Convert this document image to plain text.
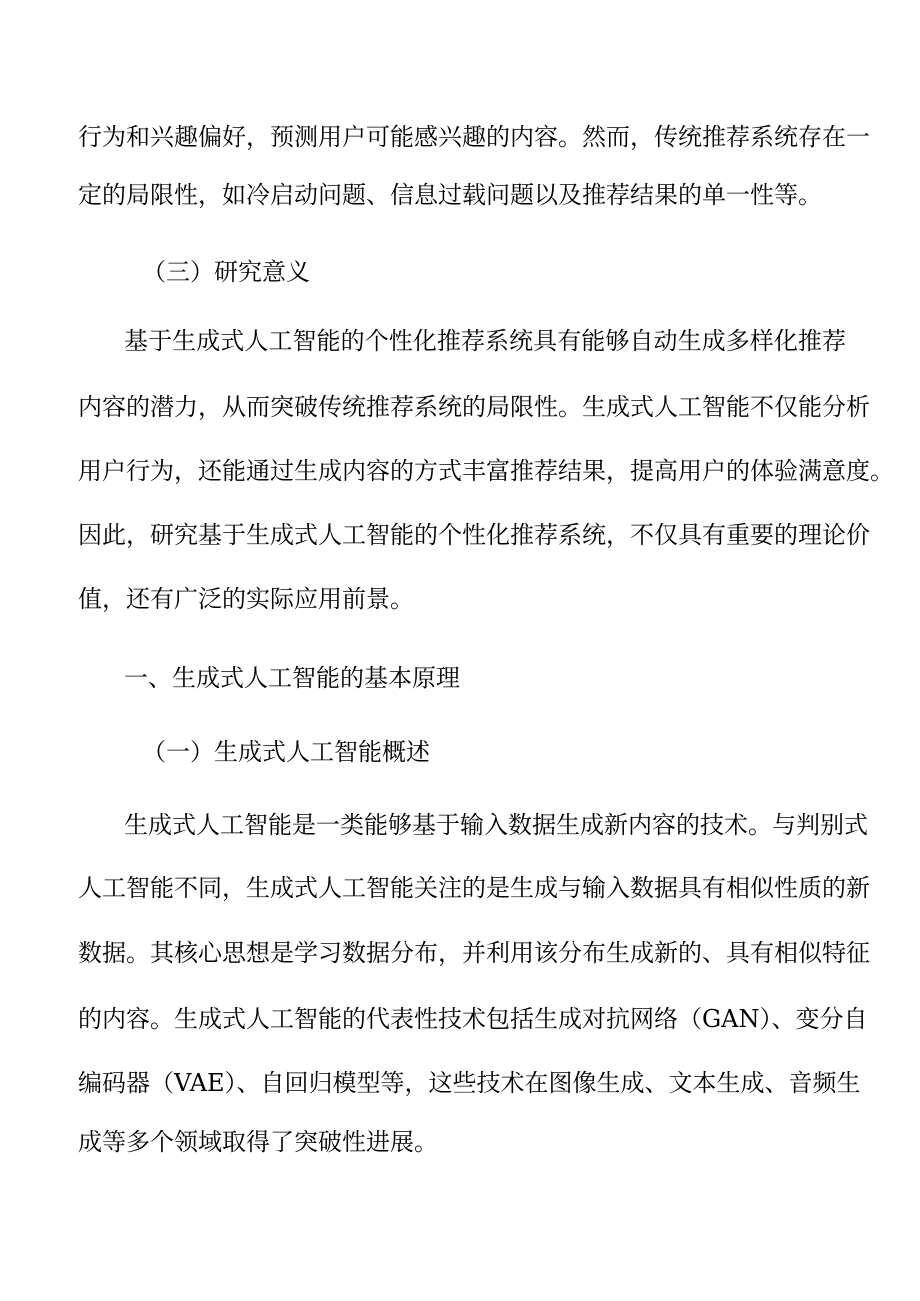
行为和兴趣偏好，预测用户可能感兴趣的内容。然而，传统推荐系统存在一
定的局限性，如冷启动问题、信息过载问题以及推荐结果的单一性等。
（三）研究意义
基于生成式人工智能的个性化推荐系统具有能够自动生成多样化推荐
内容的潜力，从而突破传统推荐系统的局限性。生成式人工智能不仅能分析
用户行为，还能通过生成内容的方式丰富推荐结果，提高用户的体验满意度。
因此，研究基于生成式人工智能的个性化推荐系统，不仅具有重要的理论价
值，还有广泛的实际应用前景。
一、生成式人工智能的基本原理
（一）生成式人工智能概述
生成式人工智能是一类能够基于输入数据生成新内容的技术。与判别式
人工智能不同，生成式人工智能关注的是生成与输入数据具有相似性质的新
数据。其核心思想是学习数据分布，并利用该分布生成新的、具有相似特征
的内容。生成式人工智能的代表性技术包括生成对抗网络（GAN）、变分自
编码器（VAE）、自回归模型等，这些技术在图像生成、文本生成、音频生
成等多个领域取得了突破性进展。
